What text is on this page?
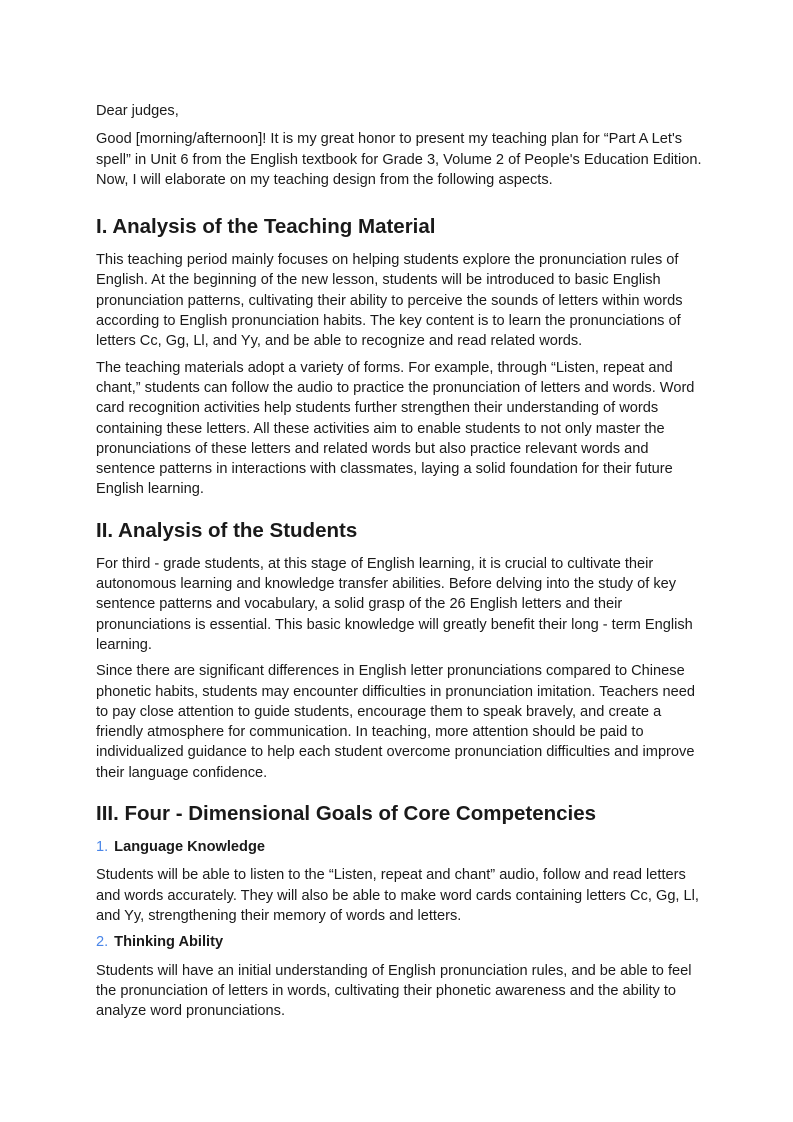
Dear judges,

Good [morning/afternoon]! It is my great honor to present my teaching plan for “Part A Let's spell” in Unit 6 from the English textbook for Grade 3, Volume 2 of People's Education Edition. Now, I will elaborate on my teaching design from the following aspects.

I. Analysis of the Teaching Material

This teaching period mainly focuses on helping students explore the pronunciation rules of English. At the beginning of the new lesson, students will be introduced to basic English pronunciation patterns, cultivating their ability to perceive the sounds of letters within words according to English pronunciation habits. The key content is to learn the pronunciations of letters Cc, Gg, Ll, and Yy, and be able to recognize and read related words.

The teaching materials adopt a variety of forms. For example, through “Listen, repeat and chant,” students can follow the audio to practice the pronunciation of letters and words. Word card recognition activities help students further strengthen their understanding of words containing these letters. All these activities aim to enable students to not only master the pronunciations of these letters and related words but also practice relevant words and sentence patterns in interactions with classmates, laying a solid foundation for their future English learning.

II. Analysis of the Students

For third - grade students, at this stage of English learning, it is crucial to cultivate their autonomous learning and knowledge transfer abilities. Before delving into the study of key sentence patterns and vocabulary, a solid grasp of the 26 English letters and their pronunciations is essential. This basic knowledge will greatly benefit their long - term English learning.

Since there are significant differences in English letter pronunciations compared to Chinese phonetic habits, students may encounter difficulties in pronunciation imitation. Teachers need to pay close attention to guide students, encourage them to speak bravely, and create a friendly atmosphere for communication. In teaching, more attention should be paid to individualized guidance to help each student overcome pronunciation difficulties and improve their language confidence.

III. Four - Dimensional Goals of Core Competencies
1. Language Knowledge

Students will be able to listen to the “Listen, repeat and chant” audio, follow and read letters and words accurately. They will also be able to make word cards containing letters Cc, Gg, Ll, and Yy, strengthening their memory of words and letters.

2. Thinking Ability

Students will have an initial understanding of English pronunciation rules, and be able to feel the pronunciation of letters in words, cultivating their phonetic awareness and the ability to analyze word pronunciations.
